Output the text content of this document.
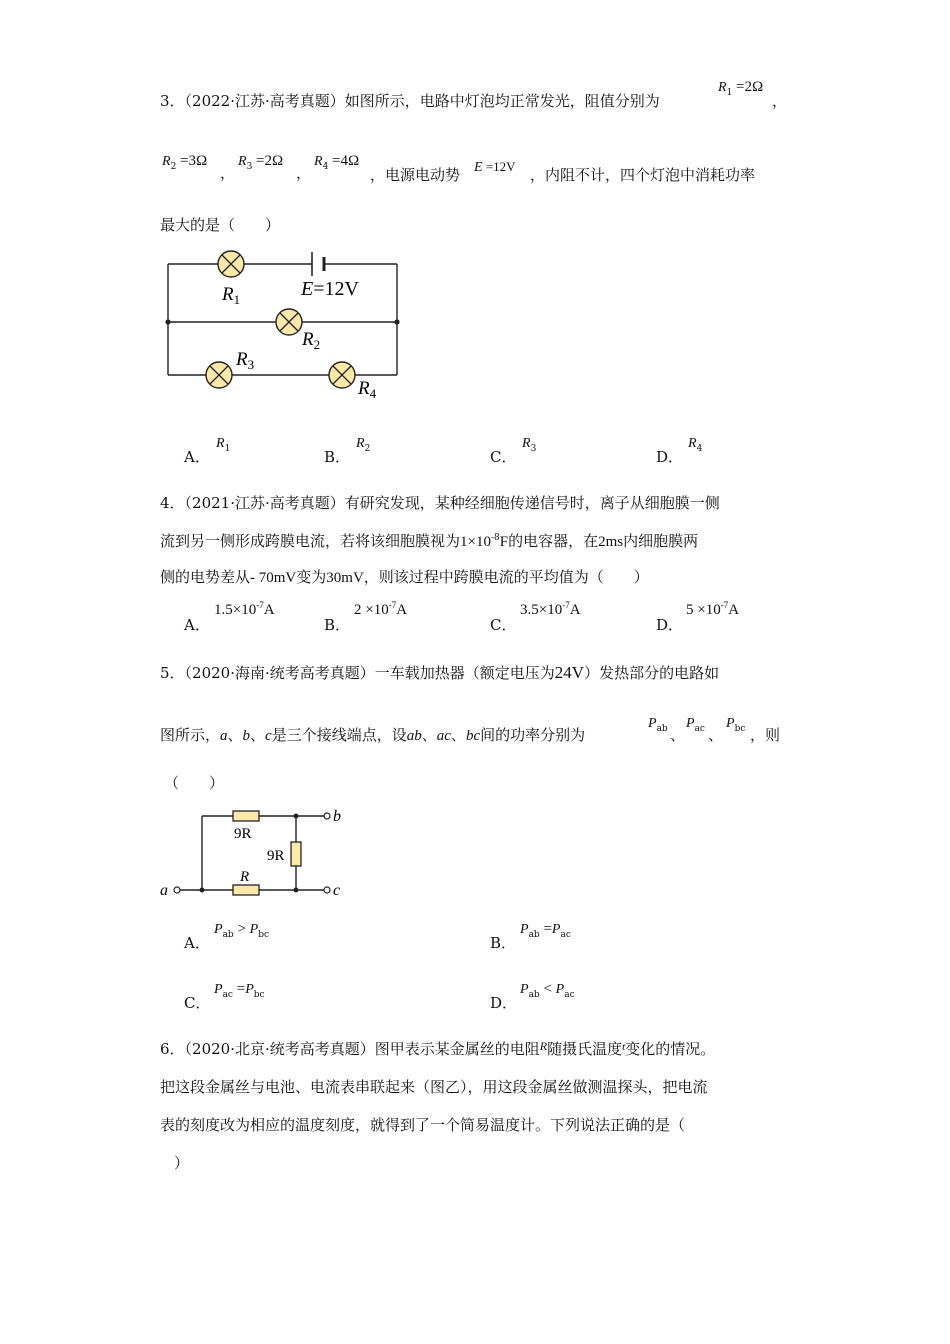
3．（2022·江苏·高考真题）如图所示，电路中灯泡均正常发光，阻值分别为
$R_1 =2\Omega$
，
$R_2 =3\Omega$
，
$R_3 =2\Omega$
，
$R_4 =4\Omega$
，电源电动势 E =12V ，内阻不计，四个灯泡中消耗功率
最大的是（　　）
$R_1$
$R_2$
$R_3$
$R_4$
E=12V
A．
$R_1$	B．
$R_2$	C．
$R_3$	D．
$R_4$
4．（2021·江苏·高考真题）有研究发现，某种经细胞传递信号时，离子从细胞膜一侧
流到另一侧形成跨膜电流，若将该细胞膜视为$1\times 10^{-8}F$的电容器，在2ms内细胞膜两
侧的电势差从- 70mV变为30mV，则该过程中跨膜电流的平均值为（　　）
A．
$1.5\times 10^{-7}A$
B．
$2 \times 10^{-7}A$
C．
$3.5\times 10^{-7}A$
D．
$5 \times 10^{-7}A$
5．（2020·海南·统考高考真题）一车载加热器（额定电压为24V）发热部分的电路如
图所示，a、b、c是三个接线端点，设ab、ac、bc间的功率分别为
$P_{ab}$ 、
$P_{ac}$ 、
$P_{bc}$ ，则
（　　）
9R
9R
R
a
b
c
A．
$P_{ab} > P_{bc}$	B．
$P_{ab} =P_{ac}$
C．
$P_{ac} =P_{bc}$	D．
$P_{ab} < P_{ac}$
6．（2020·北京·统考高考真题）图甲表示某金属丝的电阻$^R$随摄氏温度$^t$变化的情况。
把这段金属丝与电池、电流表串联起来（图乙），用这段金属丝做测温探头，把电流
表的刻度改为相应的温度刻度，就得到了一个简易温度计。下列说法正确的是（
）
